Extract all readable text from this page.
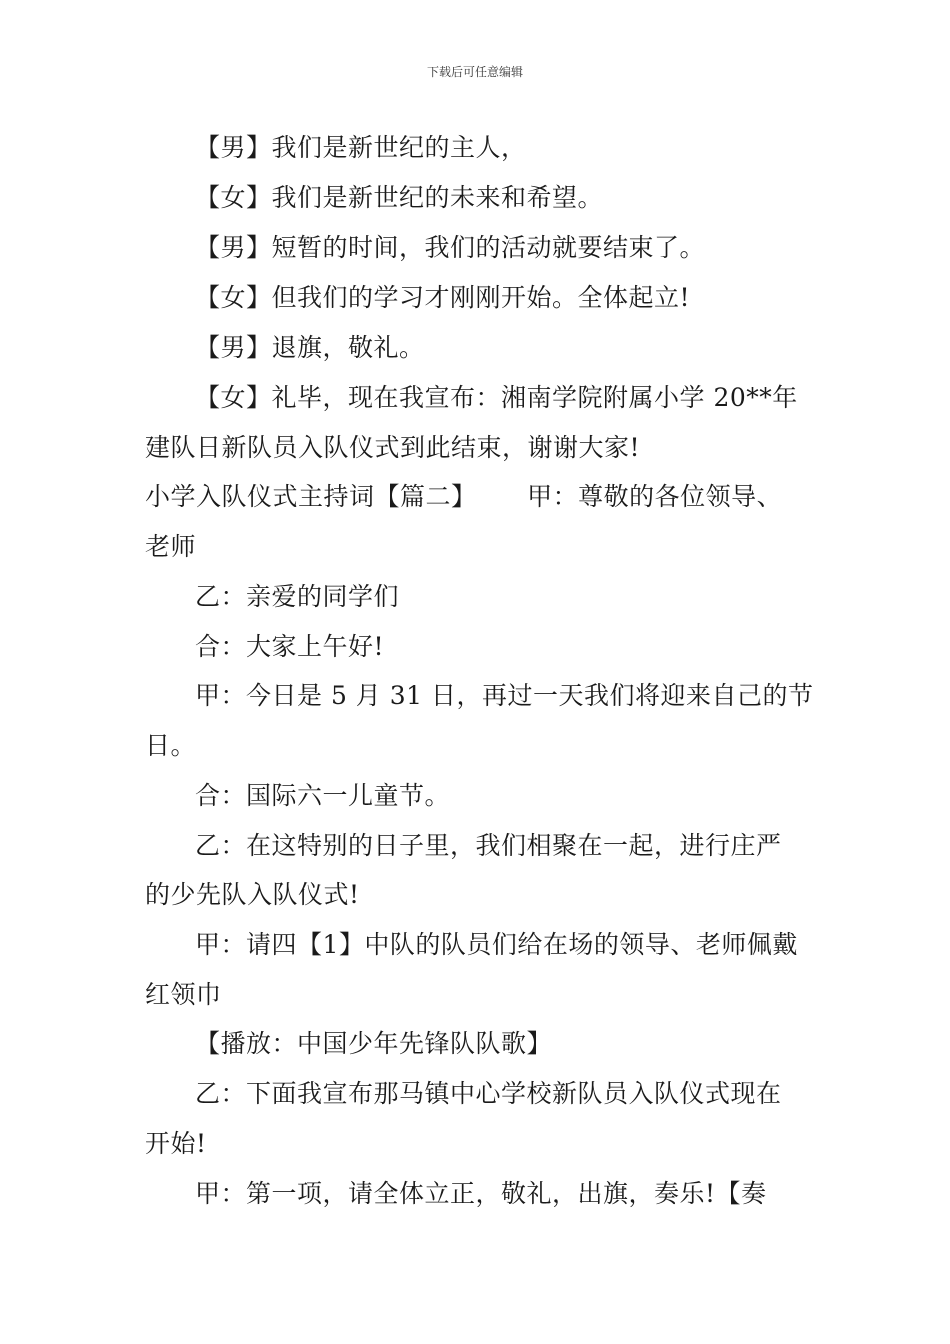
下载后可任意编辑
【男】我们是新世纪的主人，
【女】我们是新世纪的未来和希望。
【男】短暂的时间，我们的活动就要结束了。
【女】但我们的学习才刚刚开始。全体起立!
【男】退旗，敬礼。
【女】礼毕，现在我宣布：湘南学院附属小学 20**年
建队日新队员入队仪式到此结束，谢谢大家!
小学入队仪式主持词【篇二】      甲：尊敬的各位领导、
老师
乙：亲爱的同学们
合：大家上午好!
甲：今日是 5 月 31 日，再过一天我们将迎来自己的节
日。
合：国际六一儿童节。
乙：在这特别的日子里，我们相聚在一起，进行庄严
的少先队入队仪式!
甲：请四【1】中队的队员们给在场的领导、老师佩戴
红领巾
【播放：中国少年先锋队队歌】
乙：下面我宣布那马镇中心学校新队员入队仪式现在
开始!
甲：第一项，请全体立正，敬礼，出旗，奏乐!【奏
